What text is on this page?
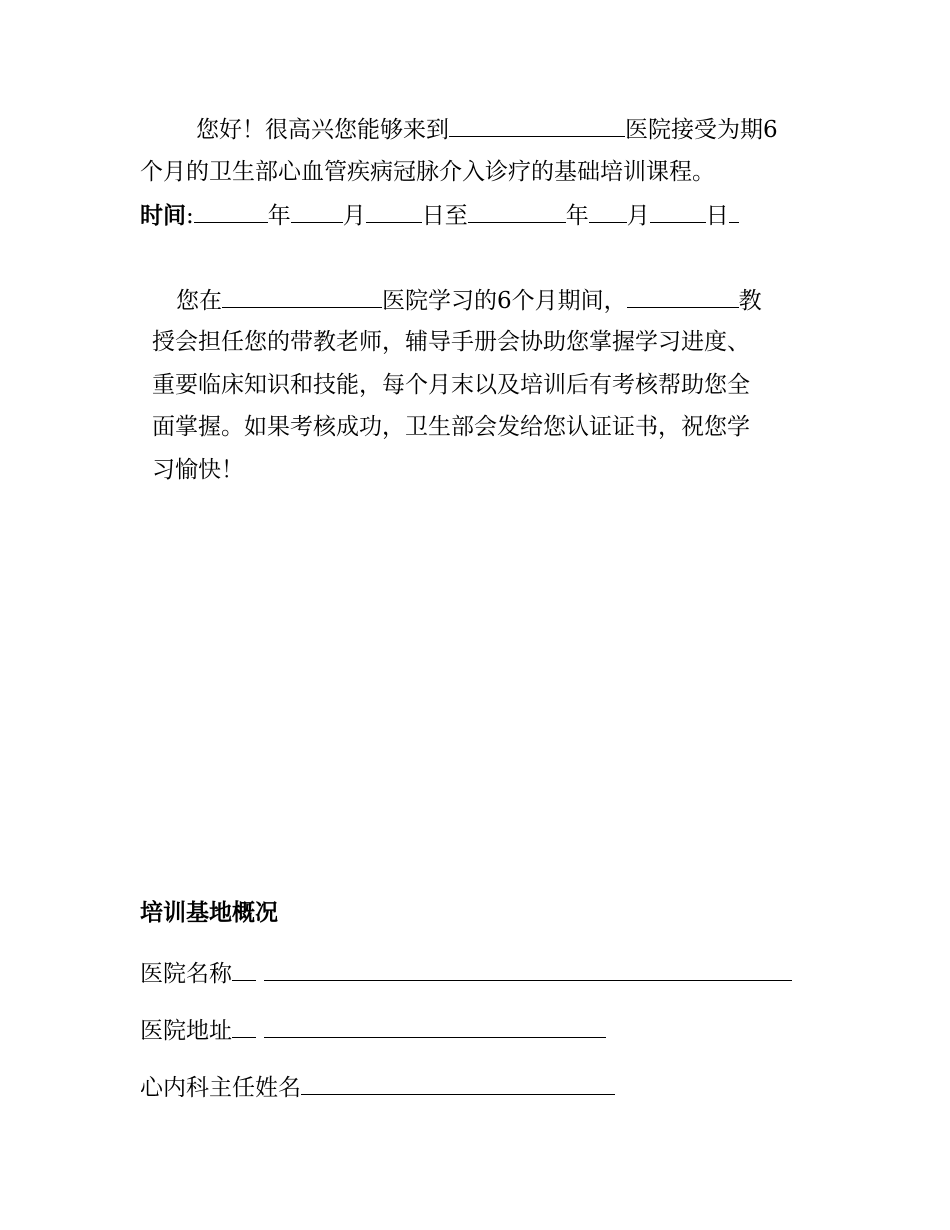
您好！很高兴您能够来到	医院接受为期6
个月的卫生部心血管疾病冠脉介入诊疗的基础培训课程。
时间:	年 月 日至	年 月 日
您在	医院学习的6个月期间，	教
授会担任您的带教老师，辅导手册会协助您掌握学习进度、
重要临床知识和技能，每个月末以及培训后有考核帮助您全
面掌握。如果考核成功，卫生部会发给您认证证书，祝您学
习愉快！
培训基地概况
医院名称
医院地址
心内科主任姓名
